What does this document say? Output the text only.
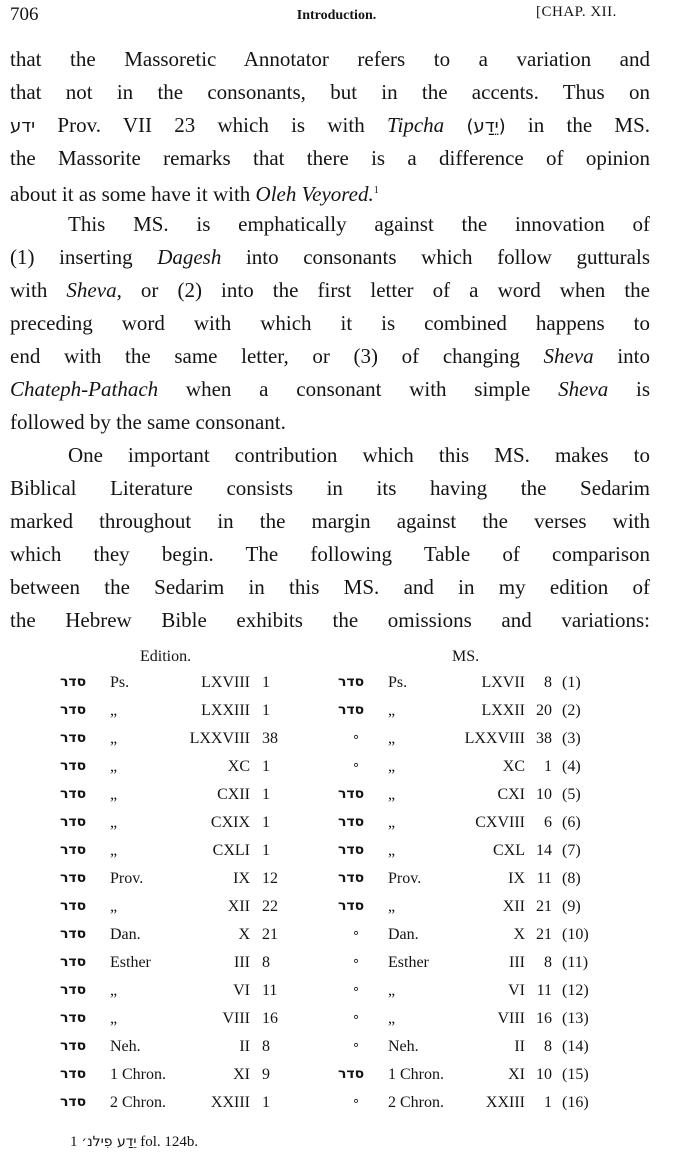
706	Introduction.	[CHAP. XII.
that the Massoretic Annotator refers to a variation and
that not in the consonants, but in the accents. Thus on
ידע Prov. VII 23 which is with Tipcha (יֵדַע) in the MS.
the Massorite remarks that there is a difference of opinion
about it as some have it with Oleh Veyored.$^1$
This MS. is emphatically against the innovation of
(1) inserting Dagesh into consonants which follow gutturals
with Sheva, or (2) into the first letter of a word when the
preceding word with which it is combined happens to
end with the same letter, or (3) of changing Sheva into
Chateph-Pathach when a consonant with simple Sheva is
followed by the same consonant.
One important contribution which this MS. makes to
Biblical Literature consists in its having the Sedarim
marked throughout in the margin against the verses with
which they begin. The following Table of comparison
between the Sedarim in this MS. and in my edition of
the Hebrew Bible exhibits the omissions and variations:
Edition.	MS.
סדר Ps.	LXVIII 1	סדר Ps.	LXVII	8 (1)
סדר „	LXXIII 1	סדר „	LXXII 20 (2)
סדר „	LXXVIII 38	∘ „	LXXVIII 38 (3)
סדר „	XC 1	∘ „	XC	1 (4)
סדר „	CXII 1	סדר „	CXI 10 (5)
סדר „	CXIX 1	סדר „	CXVIII	6 (6)
סדר „	CXLI 1	סדר „	CXL 14 (7)
סדר Prov.	IX 12	סדר Prov.	IX 11 (8)
סדר „	XII 22	סדר „	XII 21 (9)
סדר Dan.	X 21	∘ Dan.	X 21 (10)
סדר Esther	III 8	∘ Esther	III	8 (11)
סדר „	VI 11	∘ „	VI 11 (12)
סדר „	VIII 16	∘ „	VIII 16 (13)
סדר Neh.	II 8	∘ Neh.	II	8 (14)
סדר 1 Chron.	XI 9	סדר 1 Chron.	XI 10 (15)
סדר 2 Chron.	XXIII 1	∘ 2 Chron.	XXIII	1 (16)
1 יֵדַע פִילנ׳ fol. 124b.
